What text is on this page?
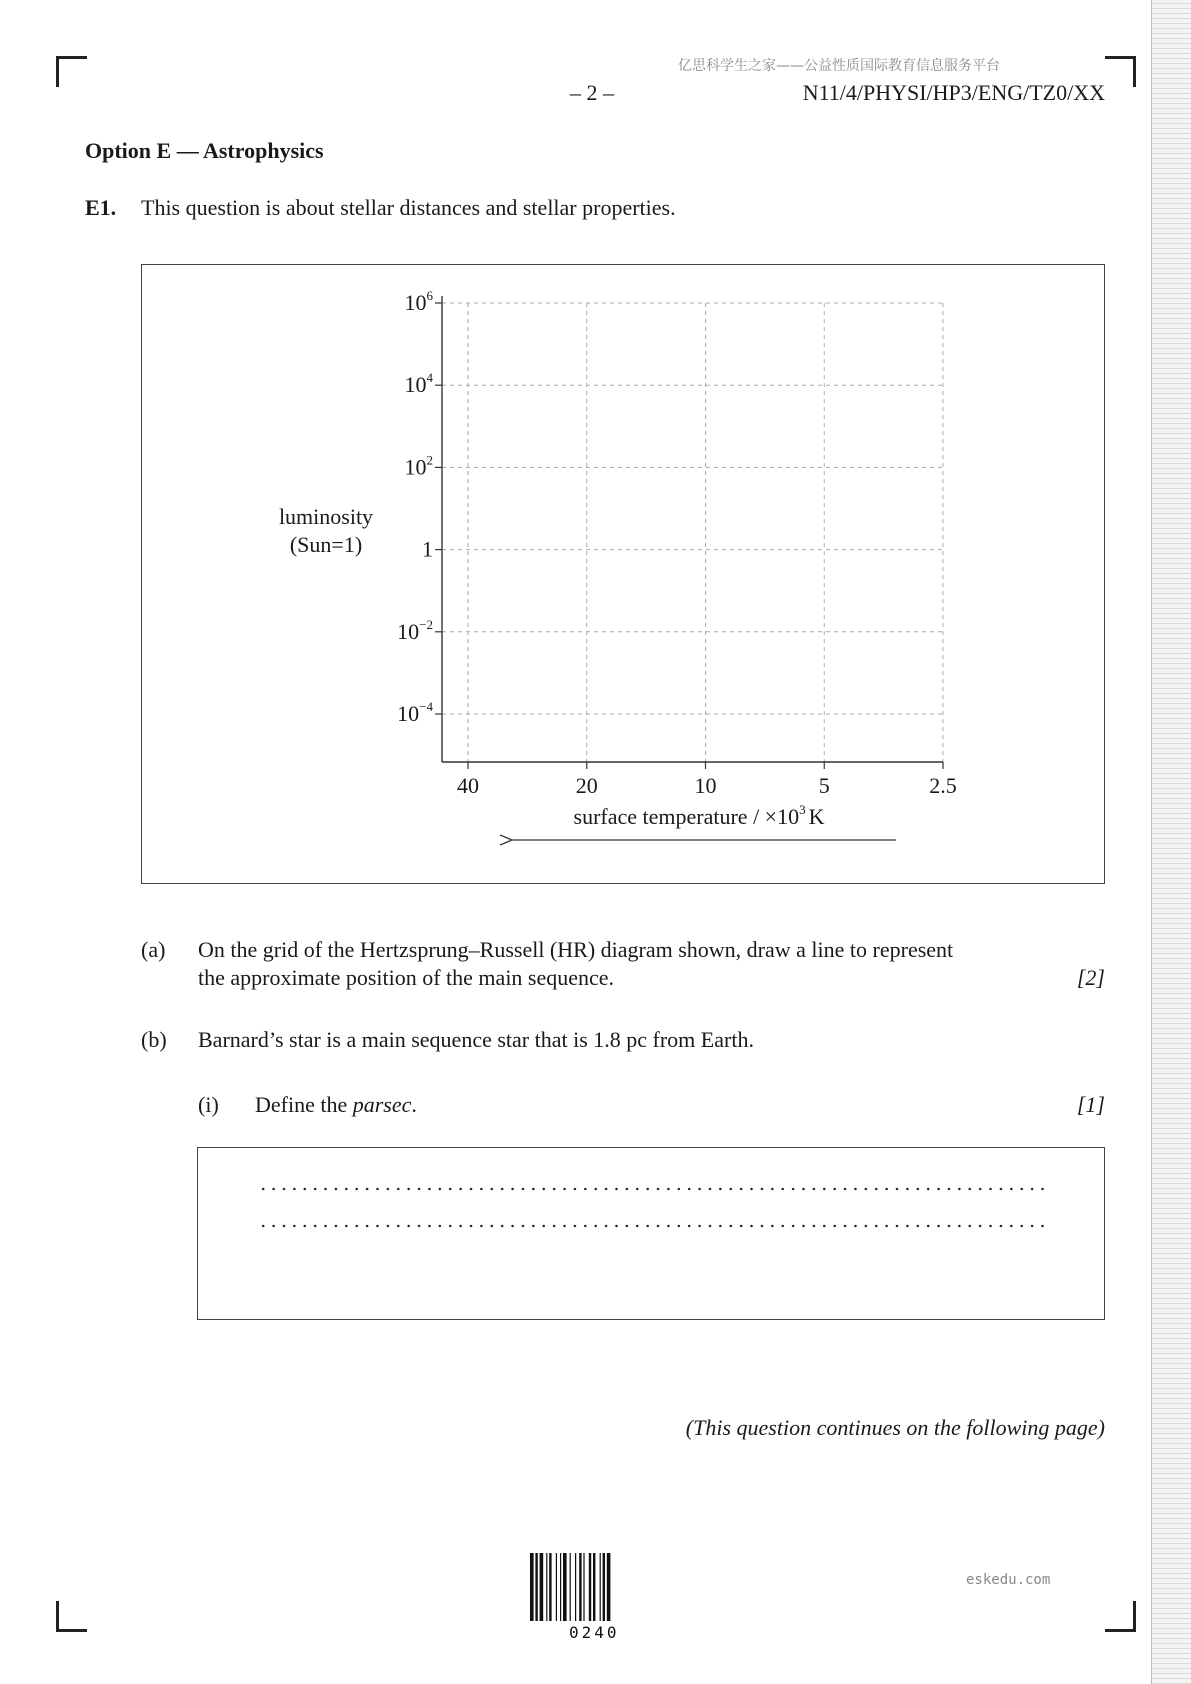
亿思科学生之家——公益性质国际教育信息服务平台
– 2 –	N11/4/PHYSI/HP3/ENG/TZ0/XX
Option E — Astrophysics
E1. This question is about stellar distances and stellar properties.
$10^6$
$10^4$
$10^2$
1
$10^{-2}$
$10^{-4}$
40	20	10	5	2.5
luminosity
(Sun=1)
surface temperature / $\times 10^3$ K
(a) On the grid of the Hertzsprung–Russell (HR) diagram shown, draw a line to represent
the approximate position of the main sequence.	[2]
(b) Barnard’s star is a main sequence star that is 1.8 pc from Earth.
(i) Define the parsec.	[1]
(This question continues on the following page)
0240
eskedu.com
